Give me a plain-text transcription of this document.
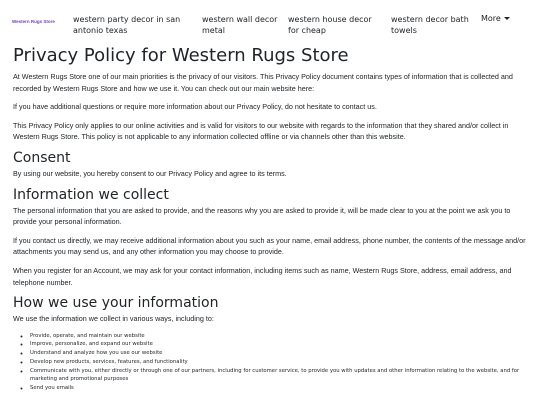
Western Rugs Store	western party decor in san antonio texas
western wall decor metal
western house decor for cheap
western decor bath towels
More
Privacy Policy for Western Rugs Store

At Western Rugs Store one of our main priorities is the privacy of our visitors. This Privacy Policy document contains types of information that is collected and recorded by Western Rugs Store and how we use it. You can check out our main website here:

If you have additional questions or require more information about our Privacy Policy, do not hesitate to contact us.

This Privacy Policy only applies to our online activities and is valid for visitors to our website with regards to the information that they shared and/or collect in Western Rugs Store. This policy is not applicable to any information collected offline or via channels other than this website.

Consent

By using our website, you hereby consent to our Privacy Policy and agree to its terms.

Information we collect

The personal information that you are asked to provide, and the reasons why you are asked to provide it, will be made clear to you at the point we ask you to provide your personal information.

If you contact us directly, we may receive additional information about you such as your name, email address, phone number, the contents of the message and/or attachments you may send us, and any other information you may choose to provide.

When you register for an Account, we may ask for your contact information, including items such as name, Western Rugs Store, address, email address, and telephone number.

How we use your information

We use the information we collect in various ways, including to:

◦ Provide, operate, and maintain our website
◦ Improve, personalize, and expand our website
◦ Understand and analyze how you use our website
◦ Develop new products, services, features, and functionality
◦ Communicate with you, either directly or through one of our partners, including for customer service, to provide you with updates and other information relating to the website, and for marketing and promotional purposes
◦ Send you emails
